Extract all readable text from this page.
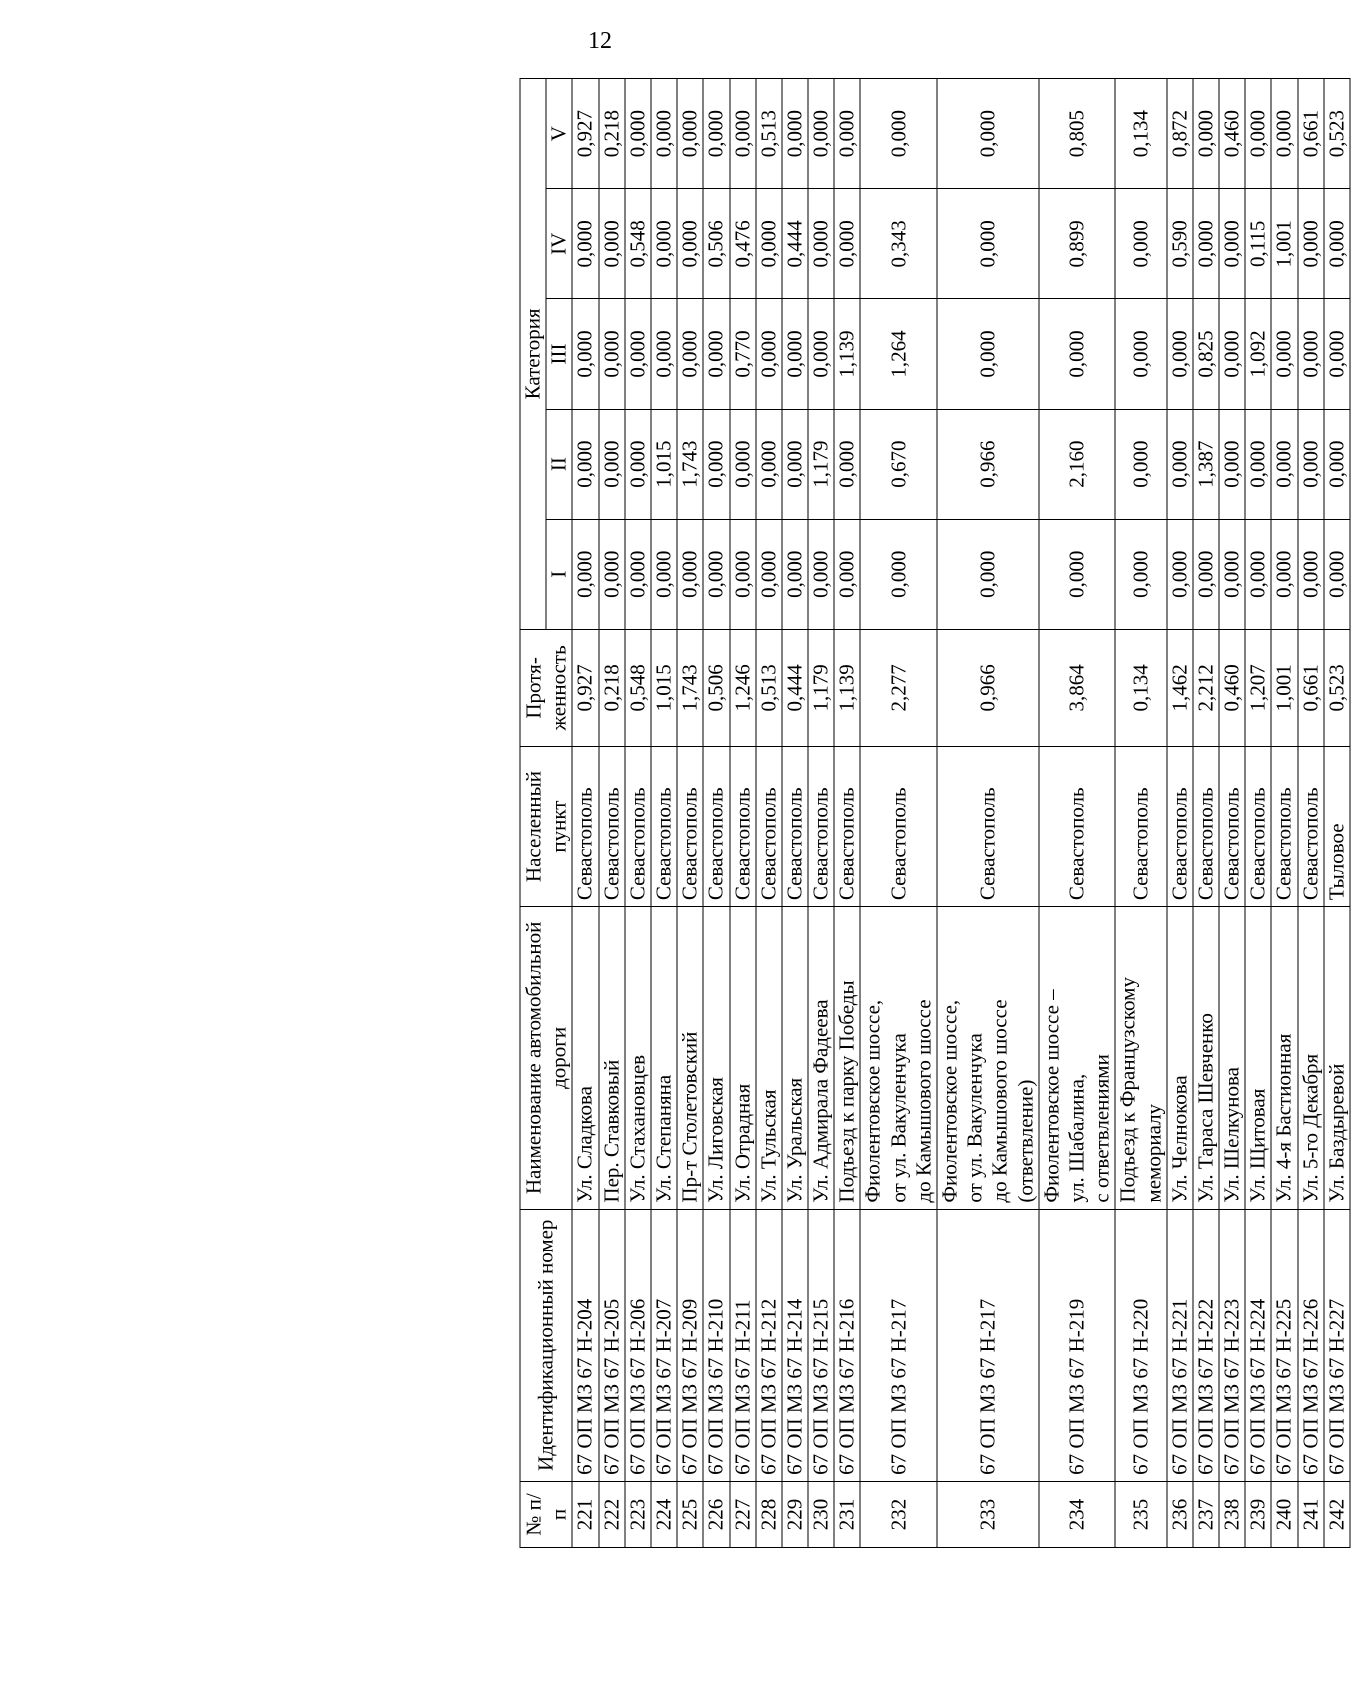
12
№ п/п	Идентификационный номер	Наименование автомобильной дороги	Населенный пункт	Протя-женность	Категория				
					I	II	III	IV	V
221	67 ОП МЗ 67 Н-204	Ул. Сладкова	Севастополь	0,927	0,000	0,000	0,000	0,000	0,927
222	67 ОП МЗ 67 Н-205	Пер. Ставковый	Севастополь	0,218	0,000	0,000	0,000	0,000	0,218
223	67 ОП МЗ 67 Н-206	Ул. Стахановцев	Севастополь	0,548	0,000	0,000	0,000	0,548	0,000
224	67 ОП МЗ 67 Н-207	Ул. Степаняна	Севастополь	1,015	0,000	1,015	0,000	0,000	0,000
225	67 ОП МЗ 67 Н-209	Пр-т Столетовский	Севастополь	1,743	0,000	1,743	0,000	0,000	0,000
226	67 ОП МЗ 67 Н-210	Ул. Лиговская	Севастополь	0,506	0,000	0,000	0,000	0,506	0,000
227	67 ОП МЗ 67 Н-211	Ул. Отрадная	Севастополь	1,246	0,000	0,000	0,770	0,476	0,000
228	67 ОП МЗ 67 Н-212	Ул. Тульская	Севастополь	0,513	0,000	0,000	0,000	0,000	0,513
229	67 ОП МЗ 67 Н-214	Ул. Уральская	Севастополь	0,444	0,000	0,000	0,000	0,444	0,000
230	67 ОП МЗ 67 Н-215	Ул. Адмирала Фадеева	Севастополь	1,179	0,000	1,179	0,000	0,000	0,000
231	67 ОП МЗ 67 Н-216	Подъезд к парку Победы	Севастополь	1,139	0,000	0,000	1,139	0,000	0,000
232	67 ОП МЗ 67 Н-217	Фиолентовское шоссе, от ул. Вакуленчука до Камышового шоссе	Севастополь	2,277	0,000	0,670	1,264	0,343	0,000
233	67 ОП МЗ 67 Н-217	Фиолентовское шоссе, от ул. Вакуленчука до Камышового шоссе (ответвление)	Севастополь	0,966	0,000	0,966	0,000	0,000	0,000
234	67 ОП МЗ 67 Н-219	Фиолентовское шоссе – ул. Шабалина, с ответвлениями	Севастополь	3,864	0,000	2,160	0,000	0,899	0,805
235	67 ОП МЗ 67 Н-220	Подъезд к Французскому мемориалу	Севастополь	0,134	0,000	0,000	0,000	0,000	0,134
236	67 ОП МЗ 67 Н-221	Ул. Челнокова	Севастополь	1,462	0,000	0,000	0,000	0,590	0,872
237	67 ОП МЗ 67 Н-222	Ул. Тараса Шевченко	Севастополь	2,212	0,000	1,387	0,825	0,000	0,000
238	67 ОП МЗ 67 Н-223	Ул. Шелкунова	Севастополь	0,460	0,000	0,000	0,000	0,000	0,460
239	67 ОП МЗ 67 Н-224	Ул. Щитовая	Севастополь	1,207	0,000	0,000	1,092	0,115	0,000
240	67 ОП МЗ 67 Н-225	Ул. 4-я Бастионная	Севастополь	1,001	0,000	0,000	0,000	1,001	0,000
241	67 ОП МЗ 67 Н-226	Ул. 5-го Декабря	Севастополь	0,661	0,000	0,000	0,000	0,000	0,661
242	67 ОП МЗ 67 Н-227	Ул. Баздыревой	Тыловое	0,523	0,000	0,000	0,000	0,000	0,523
